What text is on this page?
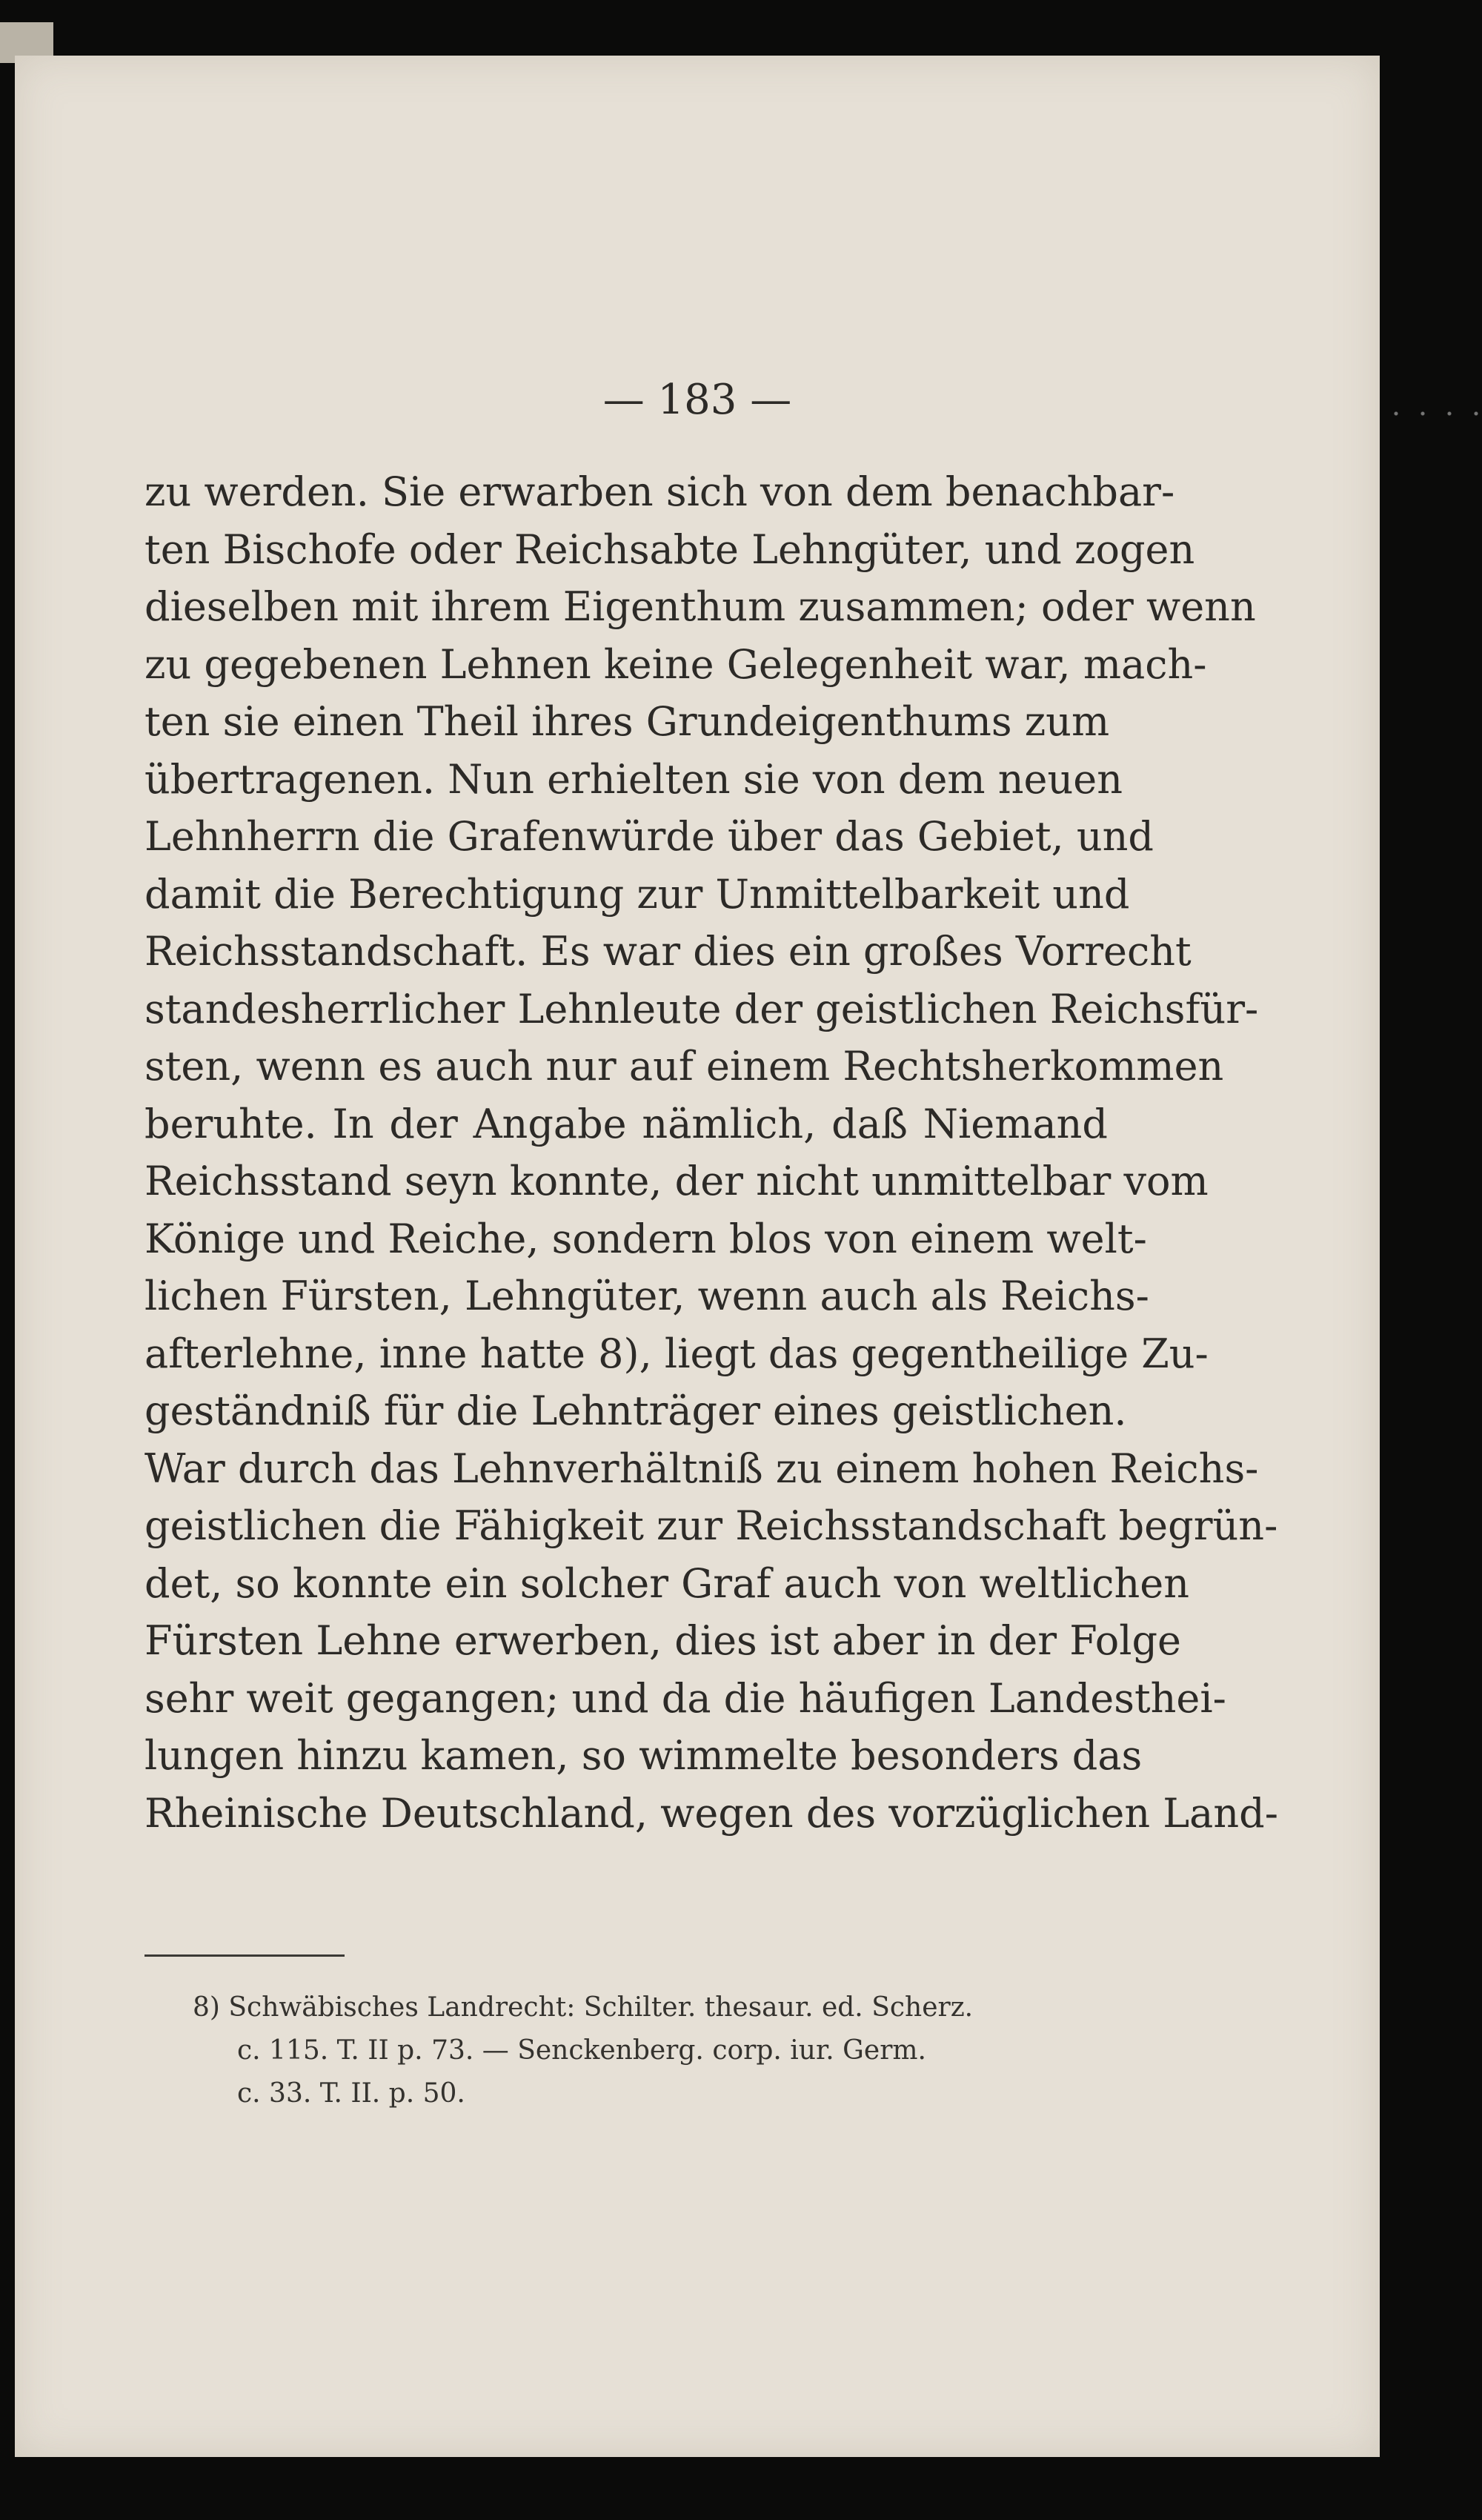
— 183 —
zu werden. Sie erwarben sich von dem benachbar-
ten Bischofe oder Reichsabte Lehngüter, und zogen
dieselben mit ihrem Eigenthum zusammen; oder wenn
zu gegebenen Lehnen keine Gelegenheit war, mach-
ten sie einen Theil ihres Grundeigenthums zum
übertragenen. Nun erhielten sie von dem neuen
Lehnherrn die Grafenwürde über das Gebiet, und
damit die Berechtigung zur Unmittelbarkeit und
Reichsstandschaft. Es war dies ein großes Vorrecht
standesherrlicher Lehnleute der geistlichen Reichsfür-
sten, wenn es auch nur auf einem Rechtsherkommen
beruhte. In der Angabe nämlich, daß Niemand
Reichsstand seyn konnte, der nicht unmittelbar vom
Könige und Reiche, sondern blos von einem welt-
lichen Fürsten, Lehngüter, wenn auch als Reichs-
afterlehne, inne hatte 8), liegt das gegentheilige Zu-
geständniß für die Lehnträger eines geistlichen.
War durch das Lehnverhältniß zu einem hohen Reichs-
geistlichen die Fähigkeit zur Reichsstandschaft begrün-
det, so konnte ein solcher Graf auch von weltlichen
Fürsten Lehne erwerben, dies ist aber in der Folge
sehr weit gegangen; und da die häufigen Landesthei-
lungen hinzu kamen, so wimmelte besonders das
Rheinische Deutschland, wegen des vorzüglichen Land-
8) Schwäbisches Landrecht: Schilter. thesaur. ed. Scherz.
c. 115. T. II p. 73. — Senckenberg. corp. iur. Germ.
c. 33. T. II. p. 50.
